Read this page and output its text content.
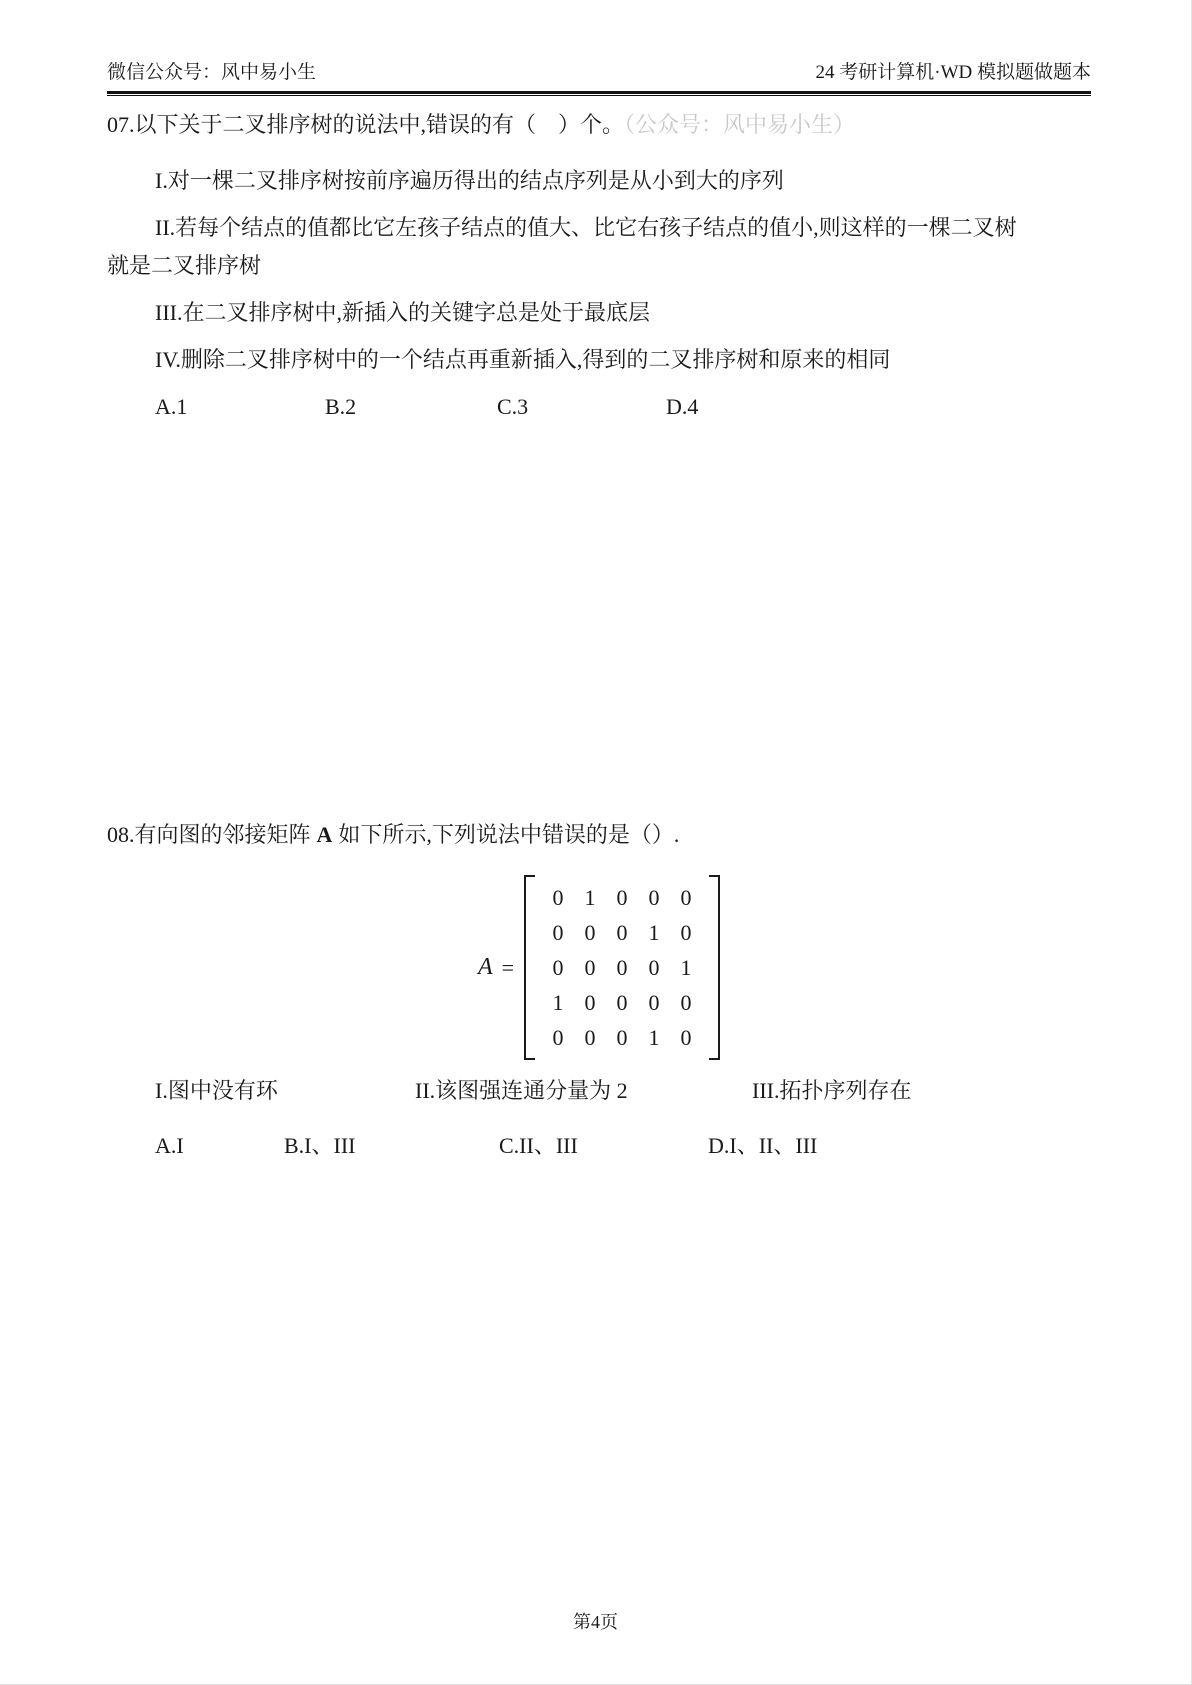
微信公众号：风中易小生	24 考研计算机·WD 模拟题做题本

07.以下关于二叉排序树的说法中,错误的有（　）个。（公众号：风中易小生）

I.对一棵二叉排序树按前序遍历得出的结点序列是从小到大的序列

II.若每个结点的值都比它左孩子结点的值大、比它右孩子结点的值小,则这样的一棵二叉树就是二叉排序树

III.在二叉排序树中,新插入的关键字总是处于最底层

IV.删除二叉排序树中的一个结点再重新插入,得到的二叉排序树和原来的相同

A.1	B.2	C.3	D.4

08.有向图的邻接矩阵 A 如下所示,下列说法中错误的是（）.

A =
0 1 0 0 0
0 0 0 1 0
0 0 0 0 1
1 0 0 0 0
0 0 0 1 0
I.图中没有环	II.该图强连通分量为 2	III.拓扑序列存在
A.I	B.I、III	C.II、III	D.I、II、III
第4页
